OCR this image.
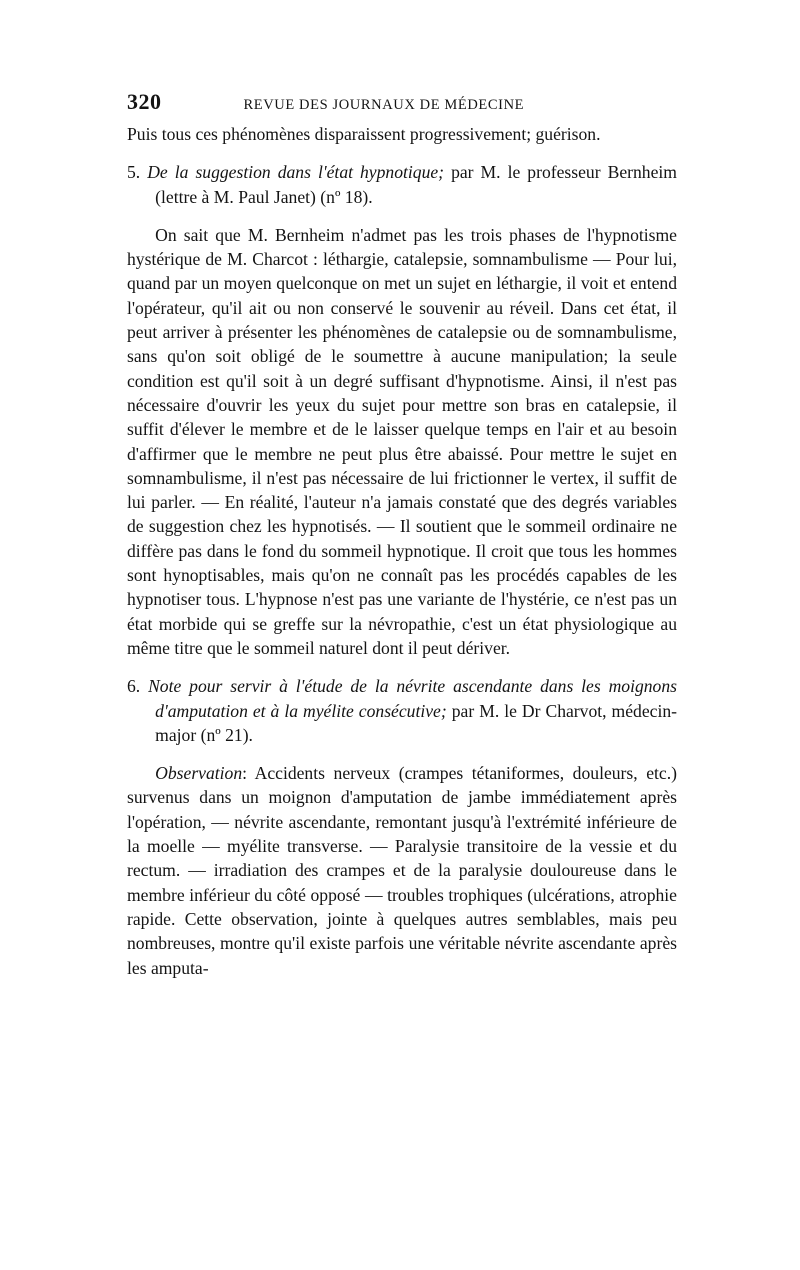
320	REVUE DES JOURNAUX DE MÉDECINE

Puis tous ces phénomènes disparaissent progressivement; guérison.

5. De la suggestion dans l'état hypnotique; par M. le professeur Bernheim (lettre à M. Paul Janet) (nº 18).

On sait que M. Bernheim n'admet pas les trois phases de l'hypnotisme hystérique de M. Charcot : léthargie, catalepsie, somnambulisme — Pour lui, quand par un moyen quelconque on met un sujet en léthargie, il voit et entend l'opérateur, qu'il ait ou non conservé le souvenir au réveil. Dans cet état, il peut arriver à présenter les phénomènes de catalepsie ou de somnambulisme, sans qu'on soit obligé de le soumettre à aucune manipulation; la seule condition est qu'il soit à un degré suffisant d'hypnotisme. Ainsi, il n'est pas nécessaire d'ouvrir les yeux du sujet pour mettre son bras en catalepsie, il suffit d'élever le membre et de le laisser quelque temps en l'air et au besoin d'affirmer que le membre ne peut plus être abaissé. Pour mettre le sujet en somnambulisme, il n'est pas nécessaire de lui frictionner le vertex, il suffit de lui parler. — En réalité, l'auteur n'a jamais constaté que des degrés variables de suggestion chez les hypnotisés. — Il soutient que le sommeil ordinaire ne diffère pas dans le fond du sommeil hypnotique. Il croit que tous les hommes sont hynoptisables, mais qu'on ne connaît pas les procédés capables de les hypnotiser tous. L'hypnose n'est pas une variante de l'hystérie, ce n'est pas un état morbide qui se greffe sur la névropathie, c'est un état physiologique au même titre que le sommeil naturel dont il peut dériver.

6. Note pour servir à l'étude de la névrite ascendante dans les moignons d'amputation et à la myélite consécutive; par M. le Dr Charvot, médecin-major (nº 21).

Observation: Accidents nerveux (crampes tétaniformes, douleurs, etc.) survenus dans un moignon d'amputation de jambe immédiatement après l'opération, — névrite ascendante, remontant jusqu'à l'extrémité inférieure de la moelle — myélite transverse. — Paralysie transitoire de la vessie et du rectum. — irradiation des crampes et de la paralysie douloureuse dans le membre inférieur du côté opposé — troubles trophiques (ulcérations, atrophie rapide. Cette observation, jointe à quelques autres semblables, mais peu nombreuses, montre qu'il existe parfois une véritable névrite ascendante après les amputa-
